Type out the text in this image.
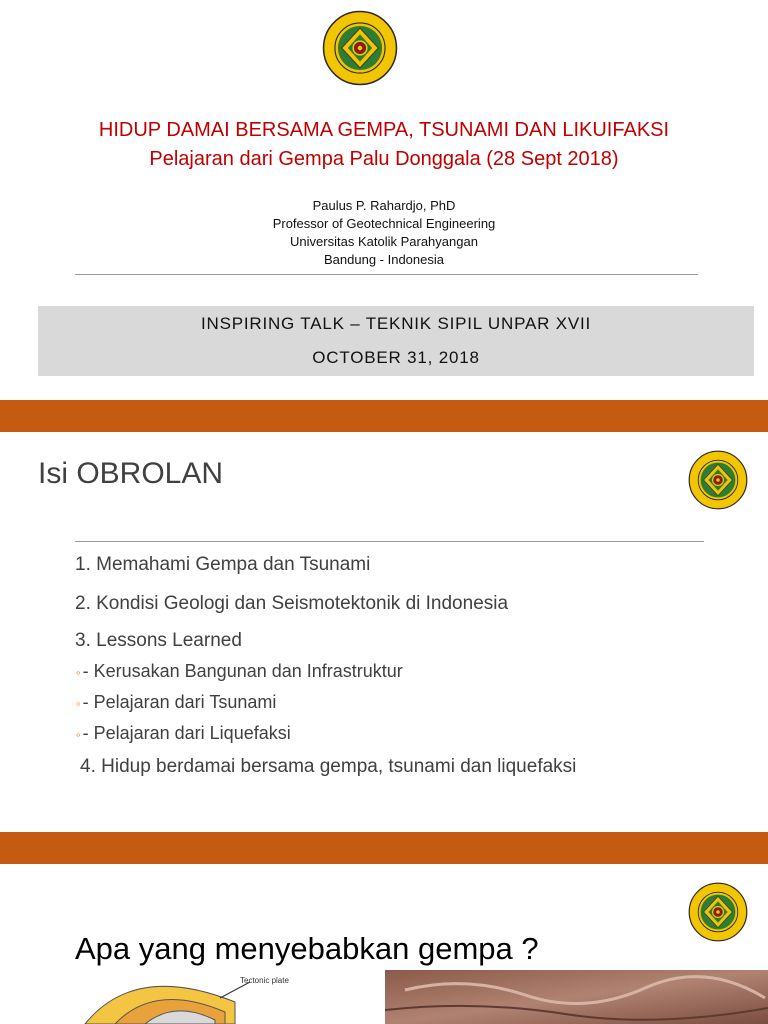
HIDUP DAMAI BERSAMA GEMPA, TSUNAMI DAN LIKUIFAKSI
Pelajaran dari Gempa Palu Donggala (28 Sept 2018)
Paulus P. Rahardjo, PhD
Professor of Geotechnical Engineering
Universitas Katolik Parahyangan
Bandung - Indonesia
INSPIRING TALK – TEKNIK SIPIL UNPAR XVII
OCTOBER 31, 2018
Isi OBROLAN
1. Memahami Gempa dan Tsunami
2. Kondisi Geologi dan Seismotektonik di Indonesia
3. Lessons Learned
◦ - Kerusakan Bangunan dan Infrastruktur
◦ - Pelajaran dari Tsunami
◦ - Pelajaran dari Liquefaksi
4. Hidup berdamai bersama gempa, tsunami dan liquefaksi
Tectonic plate
Apa yang menyebabkan gempa ?
